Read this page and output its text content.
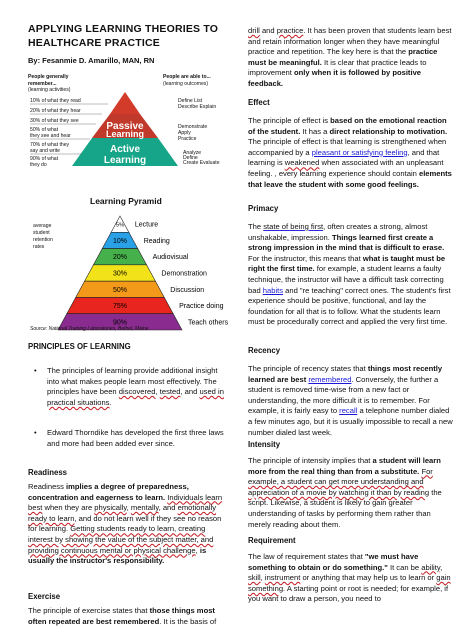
APPLYING LEARNING THEORIES TO HEALTHCARE PRACTICE
By: Fesanmie D. Amarillo, MAN, RN
People generally
remember...
(learning activities)
People are able to...
(learning outcomes)
Passive
Learning
Active
Learning
10% of what they read
20% of what they hear
30% of what they see
50% of what
they see and hear
70% of what they
say and write
90% of what
they do
Define List
Describe Explain
Demonstrate
Apply
Practice
Analyze
Define
Create Evaluate
Learning Pyramid
average
student
retention
rates
5% Lecture
10% Reading
20%	Audiovisual
30%	Demonstration
50%	Discussion
75%	Practice doing
90%	Teach others
Source: National Training Laboratories, Bethel, Maine
PRINCIPLES OF LEARNING
• The principles of learning provide additional insight into what makes people learn most effectively. The principles have been discovered, tested, and used in practical situations.
• Edward Thorndike has developed the first three laws and more had been added ever since.
Readiness
Readiness implies a degree of preparedness, concentration and eagerness to learn. Individuals learn best when they are physically, mentally, and emotionally ready to learn, and do not learn well if they see no reason for learning. Getting students ready to learn, creating interest by showing the value of the subject matter, and providing continuous mental or physical challenge, is usually the instructor's responsibility.
Exercise
The principle of exercise states that those things most often repeated are best remembered. It is the basis of
drill and practice. It has been proven that students learn best and retain information longer when they have meaningful practice and repetition. The key here is that the practice must be meaningful. It is clear that practice leads to improvement only when it is followed by positive feedback.
Effect
The principle of effect is based on the emotional reaction of the student. It has a direct relationship to motivation. The principle of effect is that learning is strengthened when accompanied by a pleasant or satisfying feeling, and that learning is weakened when associated with an unpleasant feeling. , every learning experience should contain elements that leave the student with some good feelings.
Primacy
The state of being first, often creates a strong, almost unshakable, impression. Things learned first create a strong impression in the mind that is difficult to erase. For the instructor, this means that what is taught must be right the first time. for example, a student learns a faulty technique, the instructor will have a difficult task correcting bad habits and "re teaching" correct ones. The student's first experience should be positive, functional, and lay the foundation for all that is to follow. What the students learn must be procedurally correct and applied the very first time.
Recency
The principle of recency states that things most recently learned are best remembered. Conversely, the further a student is removed time-wise from a new fact or understanding, the more difficult it is to remember. For example, it is fairly easy to recall a telephone number dialed a few minutes ago, but it is usually impossible to recall a new number dialed last week.
Intensity
The principle of intensity implies that a student will learn more from the real thing than from a substitute. For example, a student can get more understanding and appreciation of a movie by watching it than by reading the script. Likewise, a student is likely to gain greater understanding of tasks by performing them rather than merely reading about them.
Requirement
The law of requirement states that "we must have something to obtain or do something." It can be ability, skill, instrument or anything that may help us to learn or gain something. A starting point or root is needed; for example, if you want to draw a person, you need to
